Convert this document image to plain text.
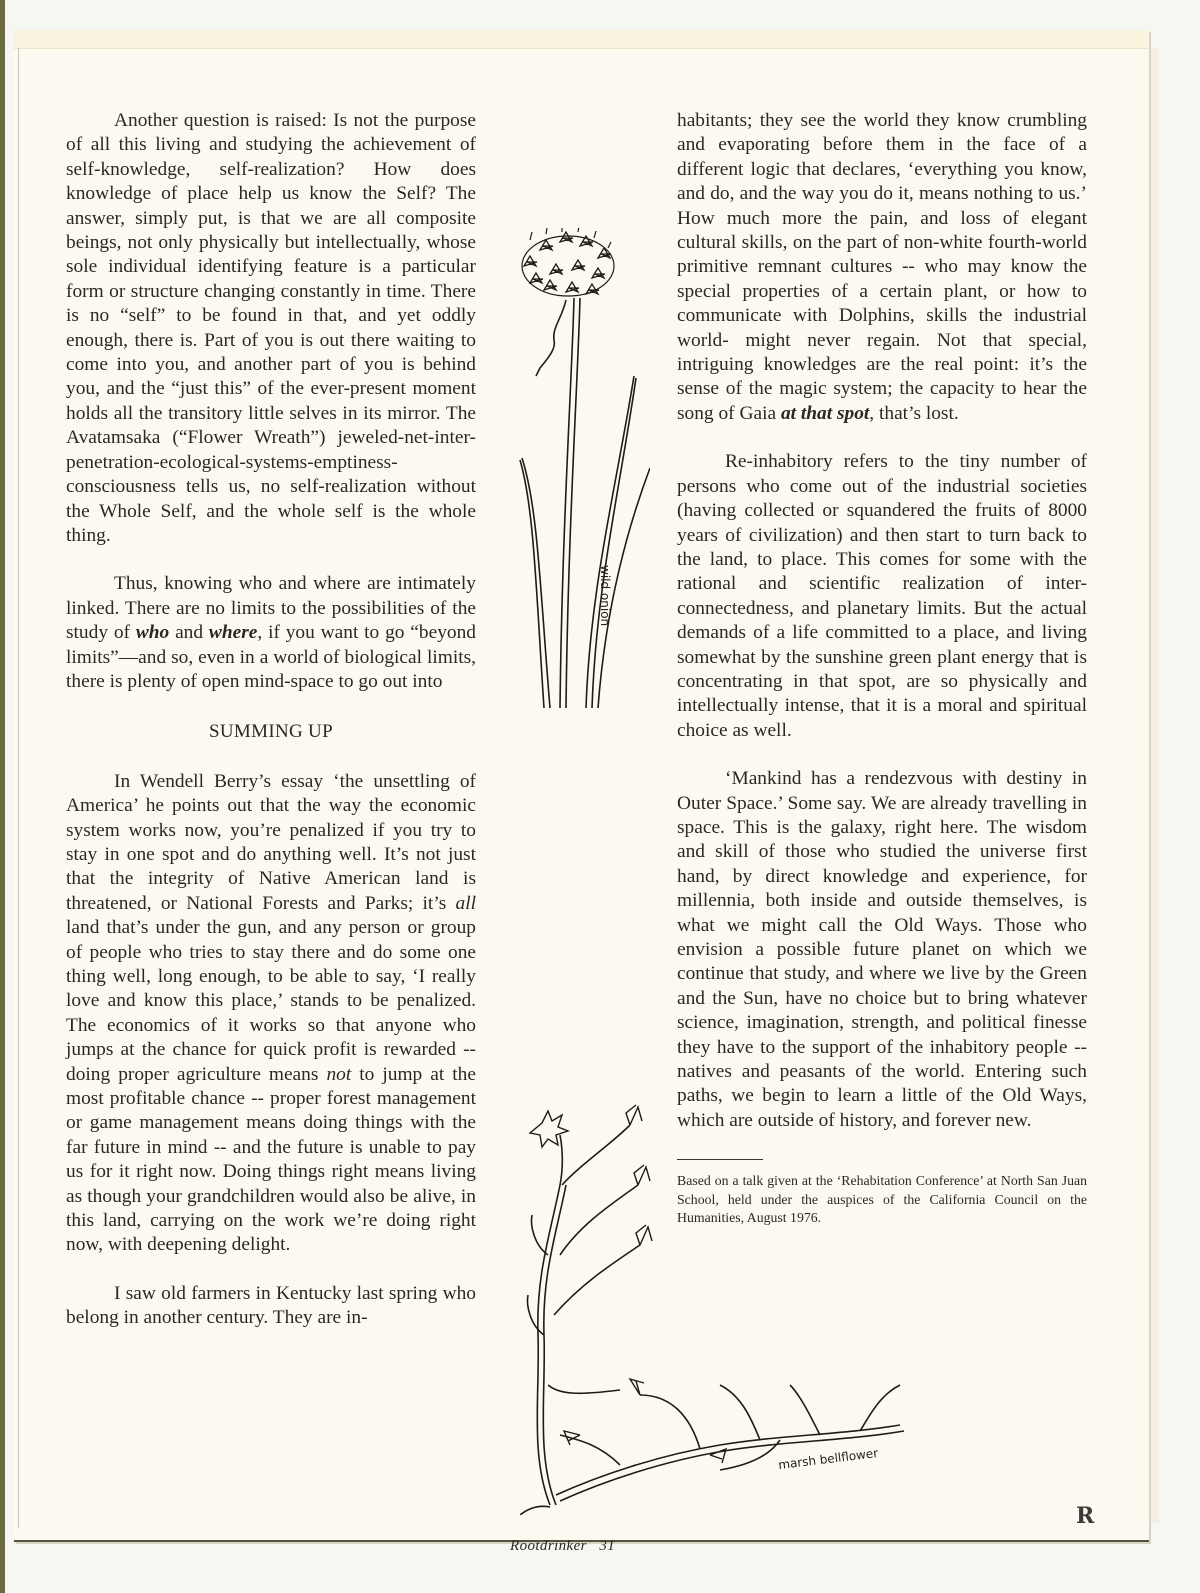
Another question is raised: Is not the purpose of all this living and studying the achievement of self-knowledge, self-realization? How does knowledge of place help us know the Self? The answer, simply put, is that we are all composite beings, not only physically but intellectually, whose sole individual identifying feature is a particular form or structure changing constantly in time. There is no “self” to be found in that, and yet oddly enough, there is. Part of you is out there waiting to come into you, and another part of you is behind you, and the “just this” of the ever-present moment holds all the transitory little selves in its mirror. The Avatamsaka (“Flower Wreath”) jeweled-net-inter-penetration-ecological-systems-emptiness-consciousness tells us, no self-realization without the Whole Self, and the whole self is the whole thing.

Thus, knowing who and where are intimately linked. There are no limits to the possibilities of the study of who and where, if you want to go “beyond limits”—and so, even in a world of biological limits, there is plenty of open mind-space to go out into

SUMMING UP

In Wendell Berry’s essay ‘the unsettling of America’ he points out that the way the economic system works now, you’re penalized if you try to stay in one spot and do anything well. It’s not just that the integrity of Native American land is threatened, or National Forests and Parks; it’s all land that’s under the gun, and any person or group of people who tries to stay there and do some one thing well, long enough, to be able to say, ‘I really love and know this place,’ stands to be penalized. The economics of it works so that anyone who jumps at the chance for quick profit is rewarded -- doing proper agriculture means not to jump at the most profitable chance -- proper forest management or game management means doing things with the far future in mind -- and the future is unable to pay us for it right now. Doing things right means living as though your grandchildren would also be alive, in this land, carrying on the work we’re doing right now, with deepening delight.

I saw old farmers in Kentucky last spring who belong in another century. They are in-

habitants; they see the world they know crumbling and evaporating before them in the face of a different logic that declares, ‘everything you know, and do, and the way you do it, means nothing to us.’ How much more the pain, and loss of elegant cultural skills, on the part of non-white fourth-world primitive remnant cultures -- who may know the special properties of a certain plant, or how to communicate with Dolphins, skills the industrial world- might never regain. Not that special, intriguing knowledges are the real point: it’s the sense of the magic system; the capacity to hear the song of Gaia at that spot, that’s lost.

Re-inhabitory refers to the tiny number of persons who come out of the industrial societies (having collected or squandered the fruits of 8000 years of civilization) and then start to turn back to the land, to place. This comes for some with the rational and scientific realization of inter-connectedness, and planetary limits. But the actual demands of a life committed to a place, and living somewhat by the sunshine green plant energy that is concentrating in that spot, are so physically and intellectually intense, that it is a moral and spiritual choice as well.

‘Mankind has a rendezvous with destiny in Outer Space.’ Some say. We are already travelling in space. This is the galaxy, right here. The wisdom and skill of those who studied the universe first hand, by direct knowledge and experience, for millennia, both inside and outside themselves, is what we might call the Old Ways. Those who envision a possible future planet on which we continue that study, and where we live by the Green and the Sun, have no choice but to bring whatever science, imagination, strength, and political finesse they have to the support of the inhabitory people -- natives and peasants of the world. Entering such paths, we begin to learn a little of the Old Ways, which are outside of history, and forever new.

Based on a talk given at the ‘Rehabitation Conference’ at North San Juan School, held under the auspices of the California Council on the Humanities, August 1976.

wild onion
marsh bellflower
Rootdrinker 31
R
